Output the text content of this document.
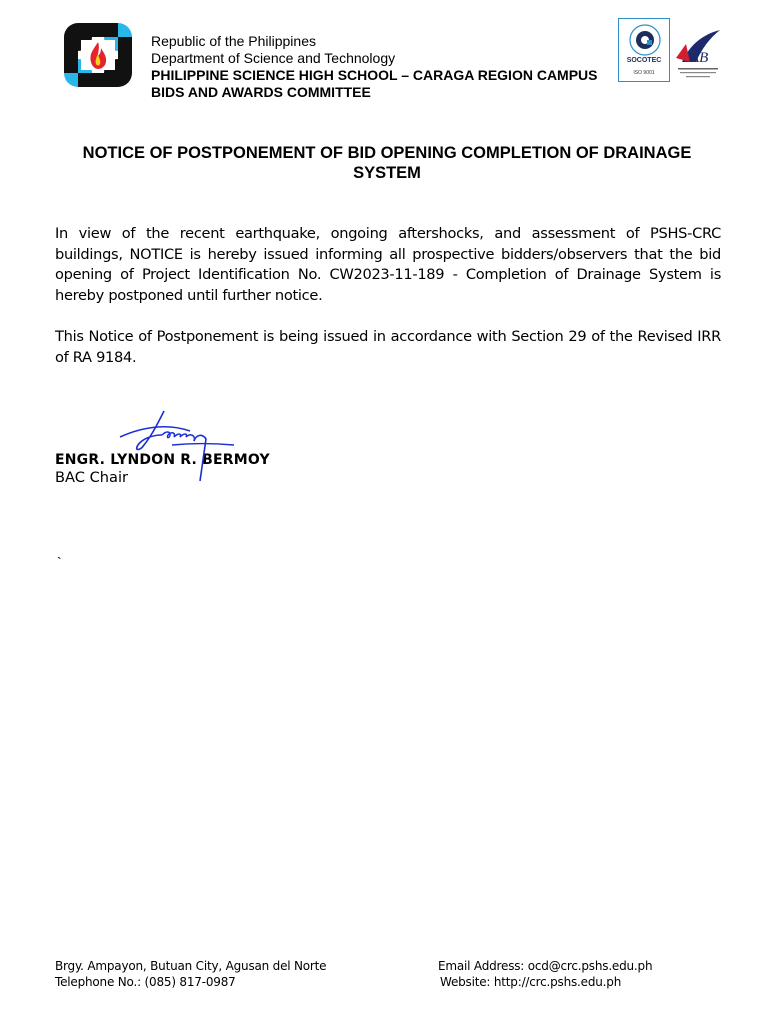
Republic of the Philippines
Department of Science and Technology
PHILIPPINE SCIENCE HIGH SCHOOL – CARAGA REGION CAMPUS
BIDS AND AWARDS COMMITTEE
SOCOTEC
ISO 9001
AB
NOTICE OF POSTPONEMENT OF BID OPENING COMPLETION OF DRAINAGE
SYSTEM

In view of the recent earthquake, ongoing aftershocks, and assessment of PSHS-CRC buildings, NOTICE is hereby issued informing all prospective bidders/observers that the bid opening of Project Identification No. CW2023-11-189 - Completion of Drainage System is hereby postponed until further notice.

This Notice of Postponement is being issued in accordance with Section 29 of the Revised IRR of RA 9184.

ENGR. LYNDON R. BERMOY
BAC Chair
`
Brgy. Ampayon, Butuan City, Agusan del Norte
Telephone No.: (085) 817-0987
Email Address: ocd@crc.pshs.edu.ph
Website: http://crc.pshs.edu.ph
